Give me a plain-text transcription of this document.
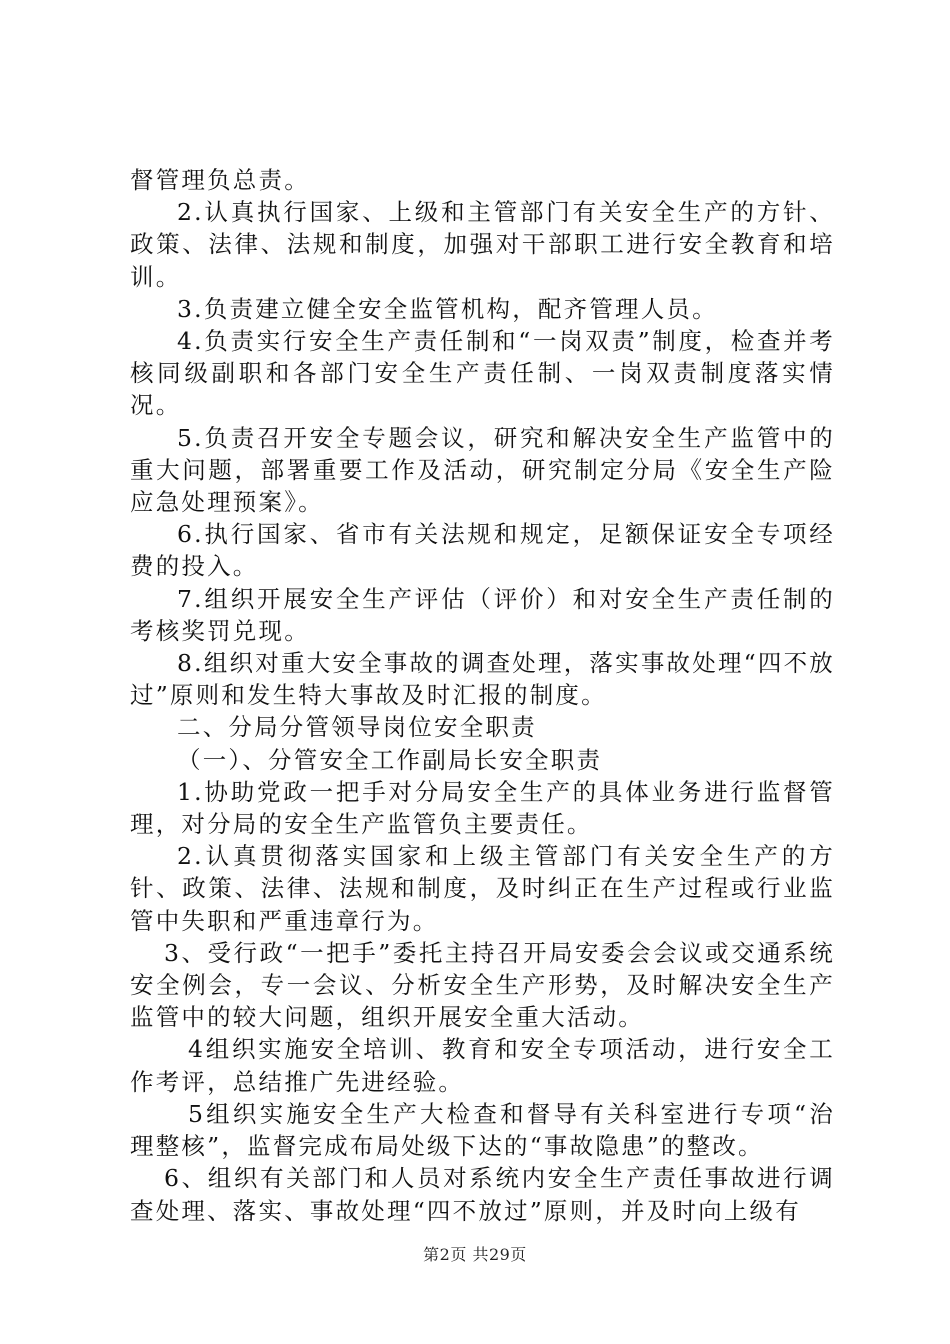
督管理负总责。

2.认真执行国家、上级和主管部门有关安全生产的方针、政策、法律、法规和制度，加强对干部职工进行安全教育和培训。

3.负责建立健全安全监管机构，配齐管理人员。

4.负责实行安全生产责任制和“一岗双责”制度，检查并考核同级副职和各部门安全生产责任制、一岗双责制度落实情况。

5.负责召开安全专题会议，研究和解决安全生产监管中的重大问题，部署重要工作及活动，研究制定分局《安全生产险应急处理预案》。

6.执行国家、省市有关法规和规定，足额保证安全专项经费的投入。

7.组织开展安全生产评估（评价）和对安全生产责任制的考核奖罚兑现。

8.组织对重大安全事故的调查处理，落实事故处理“四不放过”原则和发生特大事故及时汇报的制度。

二、分局分管领导岗位安全职责

（一）、分管安全工作副局长安全职责

1.协助党政一把手对分局安全生产的具体业务进行监督管理，对分局的安全生产监管负主要责任。

2.认真贯彻落实国家和上级主管部门有关安全生产的方针、政策、法律、法规和制度，及时纠正在生产过程或行业监管中失职和严重违章行为。

3、受行政“一把手”委托主持召开局安委会会议或交通系统安全例会，专一会议、分析安全生产形势，及时解决安全生产监管中的较大问题，组织开展安全重大活动。

4组织实施安全培训、教育和安全专项活动，进行安全工作考评，总结推广先进经验。

5组织实施安全生产大检查和督导有关科室进行专项“治理整核”，监督完成布局处级下达的“事故隐患”的整改。

6、组织有关部门和人员对系统内安全生产责任事故进行调查处理、落实、事故处理“四不放过”原则，并及时向上级有

第2页 共29页
